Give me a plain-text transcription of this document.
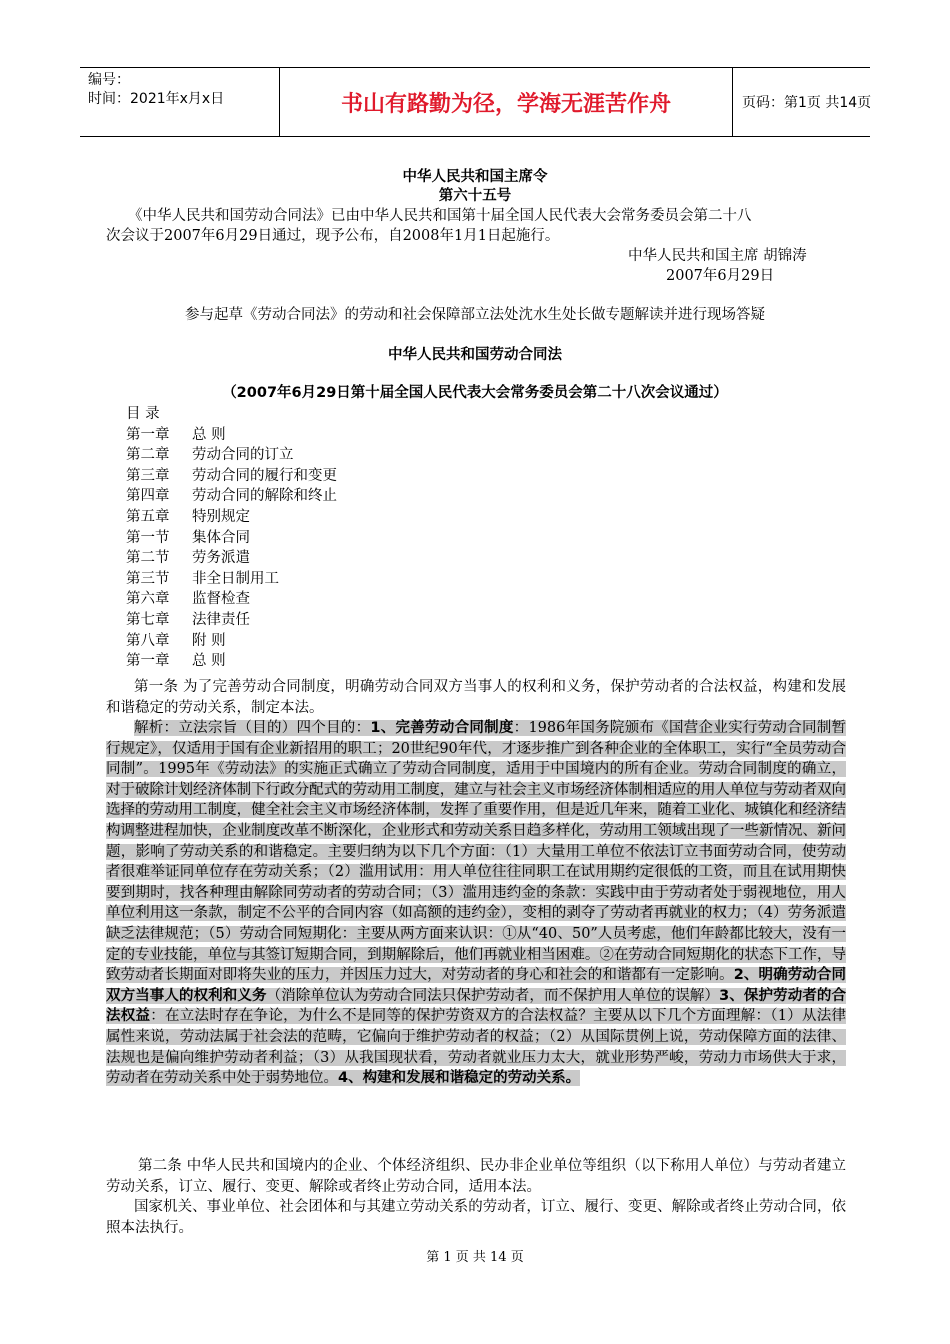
编号：
时间：2021年x月x日	书山有路勤为径，学海无涯苦作舟	页码：第1页 共14页
中华人民共和国主席令
第六十五号
《中华人民共和国劳动合同法》已由中华人民共和国第十届全国人民代表大会常务委员会第二十八
次会议于2007年6月29日通过，现予公布，自2008年1月1日起施行。
中华人民共和国主席 胡锦涛
2007年6月29日
参与起草《劳动合同法》的劳动和社会保障部立法处沈水生处长做专题解读并进行现场答疑
中华人民共和国劳动合同法
（2007年6月29日第十届全国人民代表大会常务委员会第二十八次会议通过）
目 录
第一章 总 则
第二章 劳动合同的订立
第三章 劳动合同的履行和变更
第四章 劳动合同的解除和终止
第五章 特别规定
第一节 集体合同
第二节 劳务派遣
第三节 非全日制用工
第六章 监督检查
第七章 法律责任
第八章 附 则
第一章 总 则
第一条 为了完善劳动合同制度，明确劳动合同双方当事人的权利和义务，保护劳动者的合法权益，构建和发展和谐稳定的劳动关系，制定本法。
解析：立法宗旨（目的）四个目的：1、完善劳动合同制度：1986年国务院颁布《国营企业实行劳动合同制暂行规定》，仅适用于国有企业新招用的职工；20世纪90年代，才逐步推广到各种企业的全体职工，实行“全员劳动合同制”。1995年《劳动法》的实施正式确立了劳动合同制度，适用于中国境内的所有企业。劳动合同制度的确立，对于破除计划经济体制下行政分配式的劳动用工制度，建立与社会主义市场经济体制相适应的用人单位与劳动者双向选择的劳动用工制度，健全社会主义市场经济体制，发挥了重要作用，但是近几年来，随着工业化、城镇化和经济结构调整进程加快，企业制度改革不断深化，企业形式和劳动关系日趋多样化，劳动用工领域出现了一些新情况、新问题，影响了劳动关系的和谐稳定。主要归纳为以下几个方面：（1）大量用工单位不依法订立书面劳动合同，使劳动者很难举证同单位存在劳动关系；（2）滥用试用：用人单位往往同职工在试用期约定很低的工资，而且在试用期快要到期时，找各种理由解除同劳动者的劳动合同；（3）滥用违约金的条款：实践中由于劳动者处于弱视地位，用人单位利用这一条款，制定不公平的合同内容（如高额的违约金），变相的剥夺了劳动者再就业的权力；（4）劳务派遣缺乏法律规范；（5）劳动合同短期化：主要从两方面来认识：①从“40、50”人员考虑，他们年龄都比较大，没有一定的专业技能，单位与其签订短期合同，到期解除后，他们再就业相当困难。②在劳动合同短期化的状态下工作，导致劳动者长期面对即将失业的压力，并因压力过大，对劳动者的身心和社会的和谐都有一定影响。2、明确劳动合同双方当事人的权利和义务（消除单位认为劳动合同法只保护劳动者，而不保护用人单位的误解）3、保护劳动者的合法权益：在立法时存在争论，为什么不是同等的保护劳资双方的合法权益？主要从以下几个方面理解：（1）从法律属性来说，劳动法属于社会法的范畴，它偏向于维护劳动者的权益；（2）从国际贯例上说，劳动保障方面的法律、法规也是偏向维护劳动者利益；（3）从我国现状看，劳动者就业压力太大，就业形势严峻，劳动力市场供大于求，劳动者在劳动关系中处于弱势地位。4、构建和发展和谐稳定的劳动关系。
第二条 中华人民共和国境内的企业、个体经济组织、民办非企业单位等组织（以下称用人单位）与劳动者建立劳动关系，订立、履行、变更、解除或者终止劳动合同，适用本法。
国家机关、事业单位、社会团体和与其建立劳动关系的劳动者，订立、履行、变更、解除或者终止劳动合同，依照本法执行。
第 1 页 共 14 页
